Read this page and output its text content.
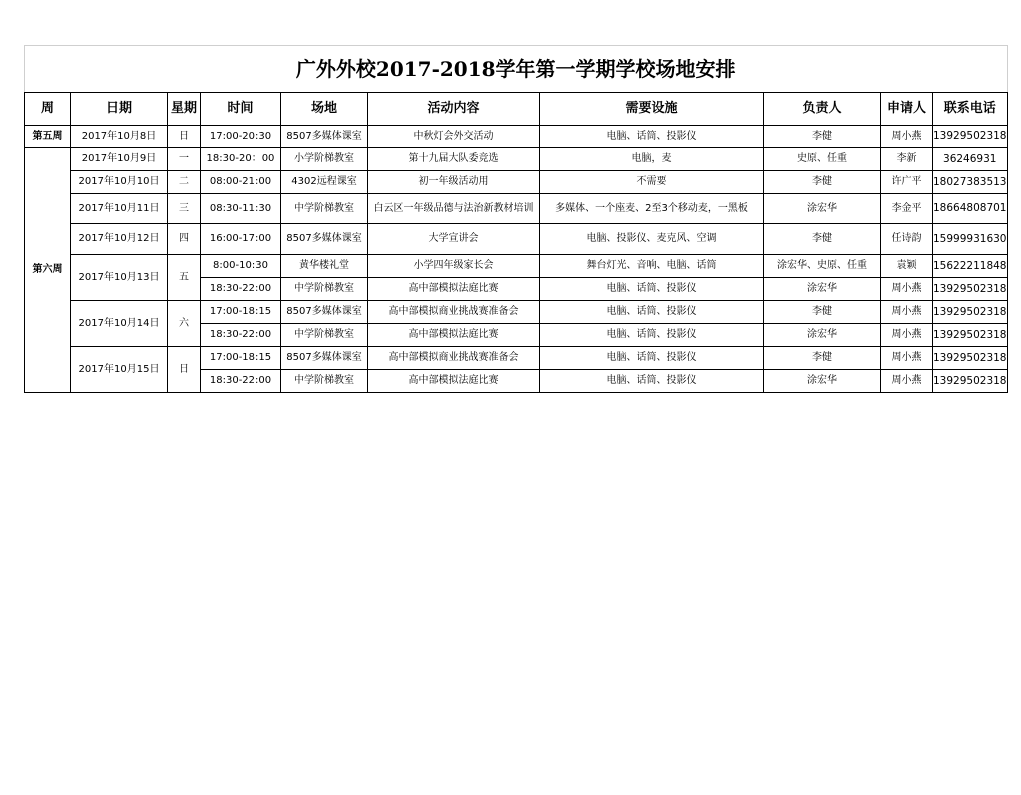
广外外校2017-2018学年第一学期学校场地安排									
周	日期	星期	时间	场地	活动内容	需要设施	负责人	申请人	联系电话
第五周	2017年10月8日	日	17:00-20:30	8507多媒体课室	中秋灯会外交活动	电脑、话筒、投影仪	李健	周小燕	13929502318
第六周	2017年10月9日	一	18:30-20：00	小学阶梯教室	第十九届大队委竞选	电脑，麦	史原、任重	李新	36246931
	2017年10月10日	二	08:00-21:00	4302远程课室	初一年级活动用	不需要	李健	许广平	18027383513
	2017年10月11日	三	08:30-11:30	中学阶梯教室	白云区一年级品德与法治新教材培训	多媒体、一个座麦、2至3个移动麦，一黑板	涂宏华	李金平	18664808701
	2017年10月12日	四	16:00-17:00	8507多媒体课室	大学宣讲会	电脑、投影仪、麦克风、空调	李健	任诗韵	15999931630
	2017年10月13日	五	8:00-10:30	黄华楼礼堂	小学四年级家长会	舞台灯光、音响、电脑、话筒	涂宏华、史原、任重	袁颖	15622211848
			18:30-22:00	中学阶梯教室	高中部模拟法庭比赛	电脑、话筒、投影仪	涂宏华	周小燕	13929502318
	2017年10月14日	六	17:00-18:15	8507多媒体课室	高中部模拟商业挑战赛准备会	电脑、话筒、投影仪	李健	周小燕	13929502318
			18:30-22:00	中学阶梯教室	高中部模拟法庭比赛	电脑、话筒、投影仪	涂宏华	周小燕	13929502318
	2017年10月15日	日	17:00-18:15	8507多媒体课室	高中部模拟商业挑战赛准备会	电脑、话筒、投影仪	李健	周小燕	13929502318
			18:30-22:00	中学阶梯教室	高中部模拟法庭比赛	电脑、话筒、投影仪	涂宏华	周小燕	13929502318
